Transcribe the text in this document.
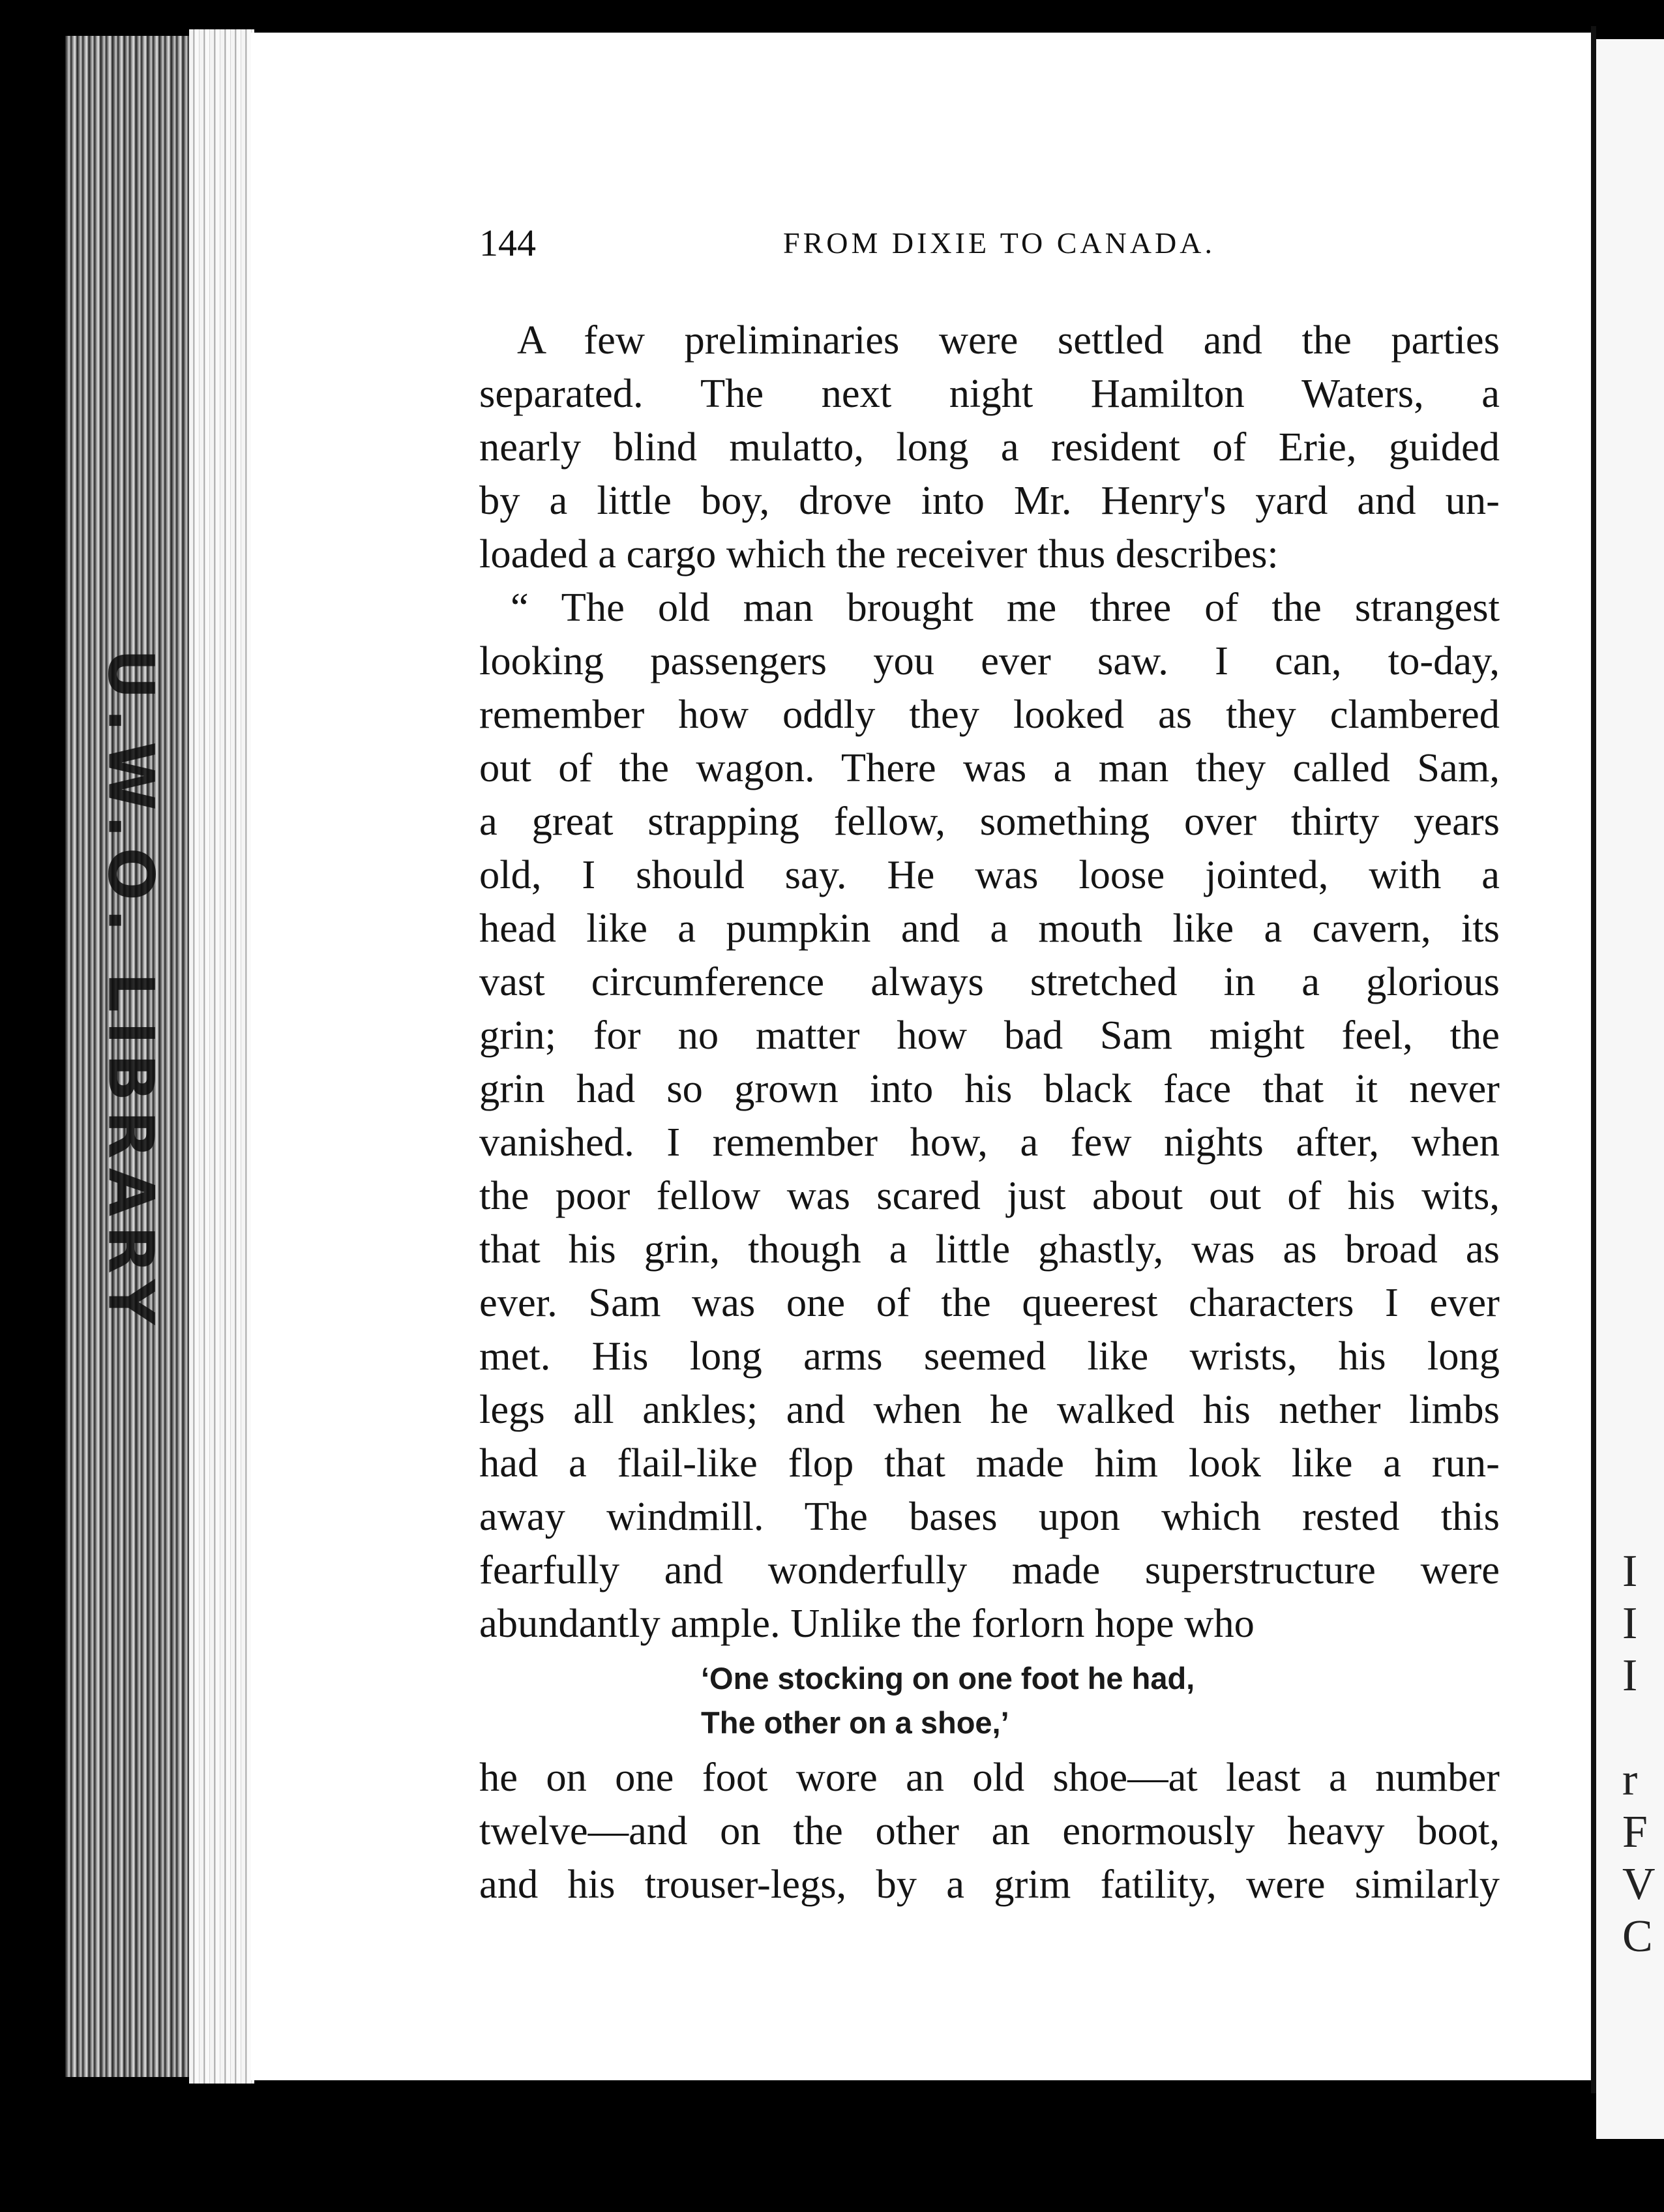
U.W.O. LIBRARY
144	FROM DIXIE TO CANADA.
A few preliminaries were settled and the parties
separated. The next night Hamilton Waters, a
nearly blind mulatto, long a resident of Erie, guided
by a little boy, drove into Mr. Henry's yard and un-
loaded a cargo which the receiver thus describes:
“ The old man brought me three of the strangest
looking passengers you ever saw. I can, to-day,
remember how oddly they looked as they clambered
out of the wagon. There was a man they called Sam,
a great strapping fellow, something over thirty years
old, I should say. He was loose jointed, with a
head like a pumpkin and a mouth like a cavern, its
vast circumference always stretched in a glorious
grin; for no matter how bad Sam might feel, the
grin had so grown into his black face that it never
vanished. I remember how, a few nights after, when
the poor fellow was scared just about out of his wits,
that his grin, though a little ghastly, was as broad as
ever. Sam was one of the queerest characters I ever
met. His long arms seemed like wrists, his long
legs all ankles; and when he walked his nether limbs
had a flail-like flop that made him look like a run-
away windmill. The bases upon which rested this
fearfully and wonderfully made superstructure were
abundantly ample. Unlike the forlorn hope who
‘One stocking on one foot he had,
The other on a shoe,’
he on one foot wore an old shoe—at least a number
twelve—and on the other an enormously heavy boot,
and his trouser-legs, by a grim fatility, were similarly
I
I
I
r
F
V
C
